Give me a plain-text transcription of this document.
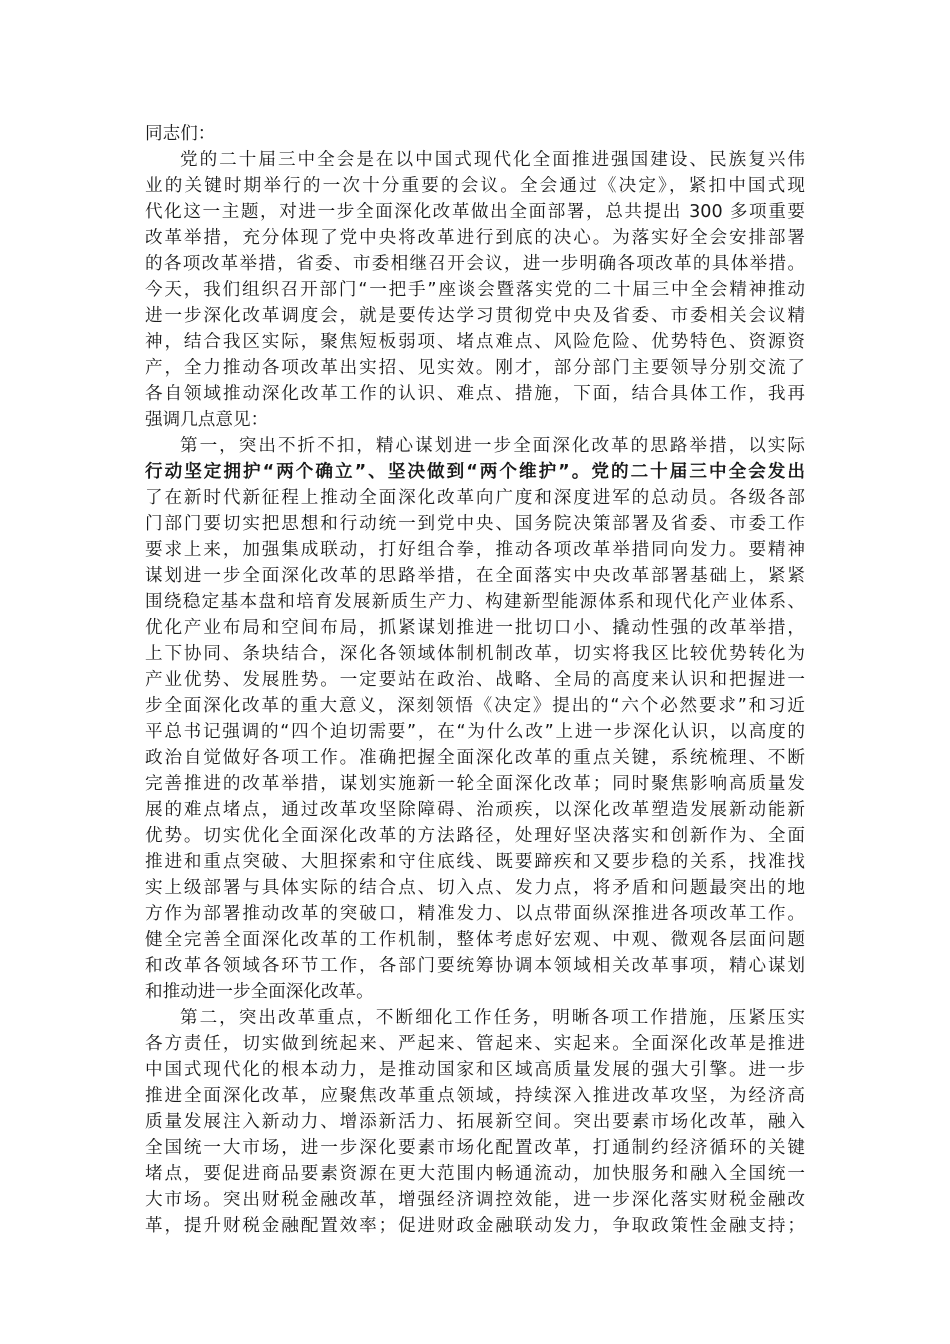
同志们：
党的二十届三中全会是在以中国式现代化全面推进强国建设、民族复兴伟
业的关键时期举行的一次十分重要的会议。全会通过《决定》，紧扣中国式现
代化这一主题，对进一步全面深化改革做出全面部署，总共提出 300 多项重要
改革举措，充分体现了党中央将改革进行到底的决心。为落实好全会安排部署
的各项改革举措，省委、市委相继召开会议，进一步明确各项改革的具体举措。
今天，我们组织召开部门“一把手”座谈会暨落实党的二十届三中全会精神推动
进一步深化改革调度会，就是要传达学习贯彻党中央及省委、市委相关会议精
神，结合我区实际，聚焦短板弱项、堵点难点、风险危险、优势特色、资源资
产，全力推动各项改革出实招、见实效。刚才，部分部门主要领导分别交流了
各自领域推动深化改革工作的认识、难点、措施，下面，结合具体工作，我再
强调几点意见：
第一，突出不折不扣，精心谋划进一步全面深化改革的思路举措，以实际
行动坚定拥护“两个确立”、坚决做到“两个维护”。党的二十届三中全会发出
了在新时代新征程上推动全面深化改革向广度和深度进军的总动员。各级各部
门部门要切实把思想和行动统一到党中央、国务院决策部署及省委、市委工作
要求上来，加强集成联动，打好组合拳，推动各项改革举措同向发力。要精神
谋划进一步全面深化改革的思路举措，在全面落实中央改革部署基础上，紧紧
围绕稳定基本盘和培育发展新质生产力、构建新型能源体系和现代化产业体系、
优化产业布局和空间布局，抓紧谋划推进一批切口小、撬动性强的改革举措，
上下协同、条块结合，深化各领域体制机制改革，切实将我区比较优势转化为
产业优势、发展胜势。一定要站在政治、战略、全局的高度来认识和把握进一
步全面深化改革的重大意义，深刻领悟《决定》提出的“六个必然要求”和习近
平总书记强调的“四个迫切需要”，在“为什么改”上进一步深化认识，以高度的
政治自觉做好各项工作。准确把握全面深化改革的重点关键，系统梳理、不断
完善推进的改革举措，谋划实施新一轮全面深化改革；同时聚焦影响高质量发
展的难点堵点，通过改革攻坚除障碍、治顽疾，以深化改革塑造发展新动能新
优势。切实优化全面深化改革的方法路径，处理好坚决落实和创新作为、全面
推进和重点突破、大胆探索和守住底线、既要蹄疾和又要步稳的关系，找准找
实上级部署与具体实际的结合点、切入点、发力点，将矛盾和问题最突出的地
方作为部署推动改革的突破口，精准发力、以点带面纵深推进各项改革工作。
健全完善全面深化改革的工作机制，整体考虑好宏观、中观、微观各层面问题
和改革各领域各环节工作，各部门要统筹协调本领域相关改革事项，精心谋划
和推动进一步全面深化改革。
第二，突出改革重点，不断细化工作任务，明晰各项工作措施，压紧压实
各方责任，切实做到统起来、严起来、管起来、实起来。全面深化改革是推进
中国式现代化的根本动力，是推动国家和区域高质量发展的强大引擎。进一步
推进全面深化改革，应聚焦改革重点领域，持续深入推进改革攻坚，为经济高
质量发展注入新动力、增添新活力、拓展新空间。突出要素市场化改革，融入
全国统一大市场，进一步深化要素市场化配置改革，打通制约经济循环的关键
堵点，要促进商品要素资源在更大范围内畅通流动，加快服务和融入全国统一
大市场。突出财税金融改革，增强经济调控效能，进一步深化落实财税金融改
革，提升财税金融配置效率；促进财政金融联动发力，争取政策性金融支持；
